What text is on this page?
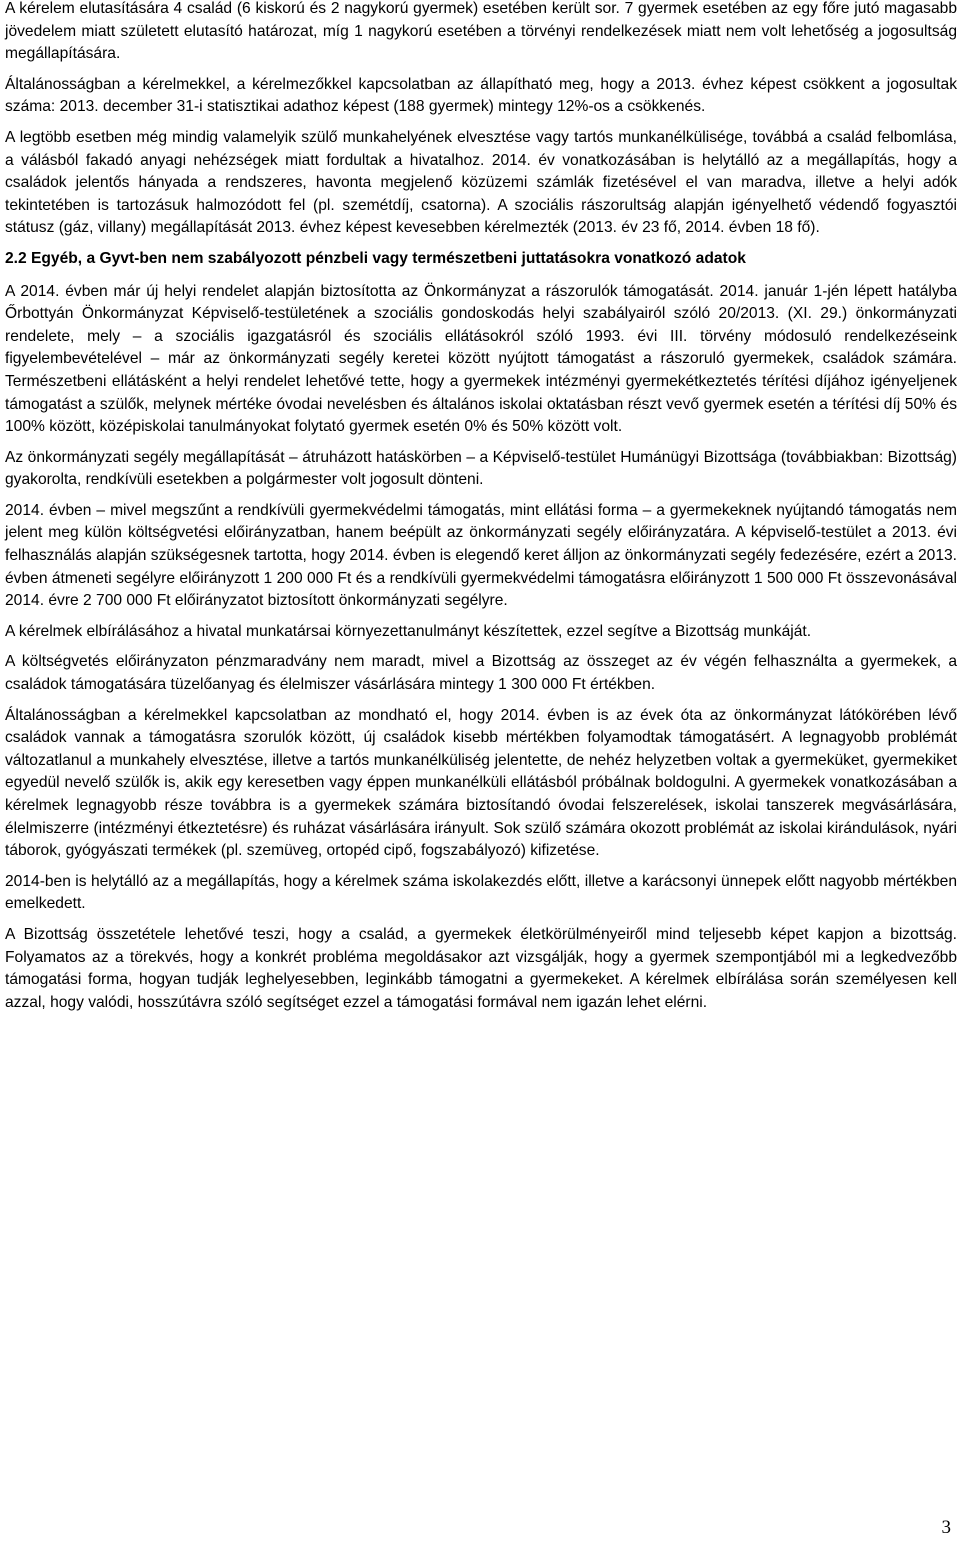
A kérelem elutasítására 4 család (6 kiskorú és 2 nagykorú gyermek) esetében került sor. 7 gyermek esetében az egy főre jutó magasabb jövedelem miatt született elutasító határozat, míg 1 nagykorú esetében a törvényi rendelkezések miatt nem volt lehetőség a jogosultság megállapítására.

Általánosságban a kérelmekkel, a kérelmezőkkel kapcsolatban az állapítható meg, hogy a 2013. évhez képest csökkent a jogosultak száma: 2013. december 31-i statisztikai adathoz képest (188 gyermek) mintegy 12%-os a csökkenés.

A legtöbb esetben még mindig valamelyik szülő munkahelyének elvesztése vagy tartós munkanélkülisége, továbbá a család felbomlása, a válásból fakadó anyagi nehézségek miatt fordultak a hivatalhoz. 2014. év vonatkozásában is helytálló az a megállapítás, hogy a családok jelentős hányada a rendszeres, havonta megjelenő közüzemi számlák fizetésével el van maradva, illetve a helyi adók tekintetében is tartozásuk halmozódott fel (pl. szemétdíj, csatorna). A szociális rászorultság alapján igényelhető védendő fogyasztói státusz (gáz, villany) megállapítását 2013. évhez képest kevesebben kérelmezték (2013. év 23 fő, 2014. évben 18 fő).

2.2 Egyéb, a Gyvt-ben nem szabályozott pénzbeli vagy természetbeni juttatásokra vonatkozó adatok

A 2014. évben már új helyi rendelet alapján biztosította az Önkormányzat a rászorulók támogatását. 2014. január 1-jén lépett hatályba Őrbottyán Önkormányzat Képviselő-testületének a szociális gondoskodás helyi szabályairól szóló 20/2013. (XI. 29.) önkormányzati rendelete, mely – a szociális igazgatásról és szociális ellátásokról szóló 1993. évi III. törvény módosuló rendelkezéseink figyelembevételével – már az önkormányzati segély keretei között nyújtott támogatást a rászoruló gyermekek, családok számára. Természetbeni ellátásként a helyi rendelet lehetővé tette, hogy a gyermekek intézményi gyermekétkeztetés térítési díjához igényeljenek támogatást a szülők, melynek mértéke óvodai nevelésben és általános iskolai oktatásban részt vevő gyermek esetén a térítési díj 50% és 100% között, középiskolai tanulmányokat folytató gyermek esetén 0% és 50% között volt.

Az önkormányzati segély megállapítását – átruházott hatáskörben – a Képviselő-testület Humánügyi Bizottsága (továbbiakban: Bizottság) gyakorolta, rendkívüli esetekben a polgármester volt jogosult dönteni.

2014. évben – mivel megszűnt a rendkívüli gyermekvédelmi támogatás, mint ellátási forma – a gyermekeknek nyújtandó támogatás nem jelent meg külön költségvetési előirányzatban, hanem beépült az önkormányzati segély előirányzatára. A képviselő-testület a 2013. évi felhasználás alapján szükségesnek tartotta, hogy 2014. évben is elegendő keret álljon az önkormányzati segély fedezésére, ezért a 2013. évben átmeneti segélyre előirányzott 1 200 000 Ft és a rendkívüli gyermekvédelmi támogatásra előirányzott 1 500 000 Ft összevonásával 2014. évre 2 700 000 Ft előirányzatot biztosított önkormányzati segélyre.

A kérelmek elbírálásához a hivatal munkatársai környezettanulmányt készítettek, ezzel segítve a Bizottság munkáját.

A költségvetés előirányzaton pénzmaradvány nem maradt, mivel a Bizottság az összeget az év végén felhasználta a gyermekek, a családok támogatására tüzelőanyag és élelmiszer vásárlására mintegy 1 300 000 Ft értékben.

Általánosságban a kérelmekkel kapcsolatban az mondható el, hogy 2014. évben is az évek óta az önkormányzat látókörében lévő családok vannak a támogatásra szorulók között, új családok kisebb mértékben folyamodtak támogatásért. A legnagyobb problémát változatlanul a munkahely elvesztése, illetve a tartós munkanélküliség jelentette, de nehéz helyzetben voltak a gyermeküket, gyermekiket egyedül nevelő szülők is, akik egy keresetben vagy éppen munkanélküli ellátásból próbálnak boldogulni. A gyermekek vonatkozásában a kérelmek legnagyobb része továbbra is a gyermekek számára biztosítandó óvodai felszerelések, iskolai tanszerek megvásárlására, élelmiszerre (intézményi étkeztetésre) és ruházat vásárlására irányult. Sok szülő számára okozott problémát az iskolai kirándulások, nyári táborok, gyógyászati termékek (pl. szemüveg, ortopéd cipő, fogszabályozó) kifizetése.

2014-ben is helytálló az a megállapítás, hogy a kérelmek száma iskolakezdés előtt, illetve a karácsonyi ünnepek előtt nagyobb mértékben emelkedett.

A Bizottság összetétele lehetővé teszi, hogy a család, a gyermekek életkörülményeiről mind teljesebb képet kapjon a bizottság. Folyamatos az a törekvés, hogy a konkrét probléma megoldásakor azt vizsgálják, hogy a gyermek szempontjából mi a legkedvezőbb támogatási forma, hogyan tudják leghelyesebben, leginkább támogatni a gyermekeket. A kérelmek elbírálása során személyesen kell azzal, hogy valódi, hosszútávra szóló segítséget ezzel a támogatási formával nem igazán lehet elérni.

3
